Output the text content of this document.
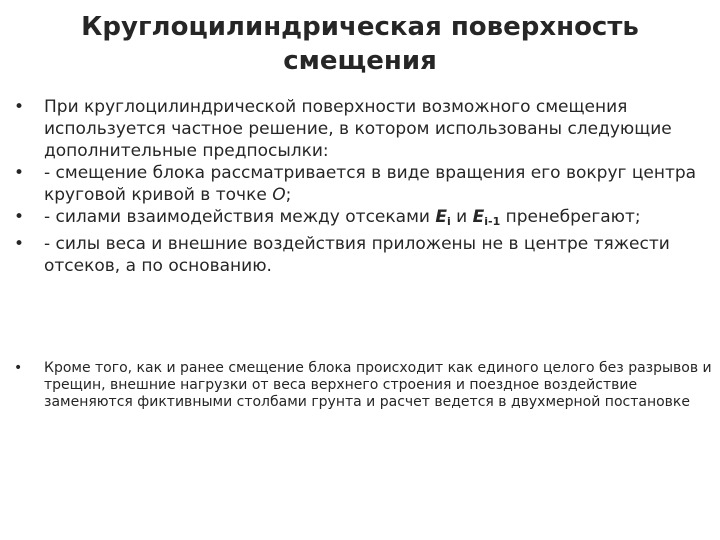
Круглоцилиндрическая поверхность смещения
• При круглоцилиндрической поверхности возможного смещения используется частное решение, в котором использованы следующие дополнительные предпосылки:
• - смещение блока рассматривается в виде вращения его вокруг центра круговой кривой в точке O;
• - силами взаимодействия между отсеками $E_i$ и $E_{i-1}$ пренебрегают;
• - силы веса и внешние воздействия приложены не в центре тяжести отсеков, а по основанию.
• Кроме того, как и ранее смещение блока происходит как единого целого без разрывов и трещин, внешние нагрузки от веса верхнего строения и поездное воздействие заменяются фиктивными столбами грунта и расчет ведется в двухмерной постановке
